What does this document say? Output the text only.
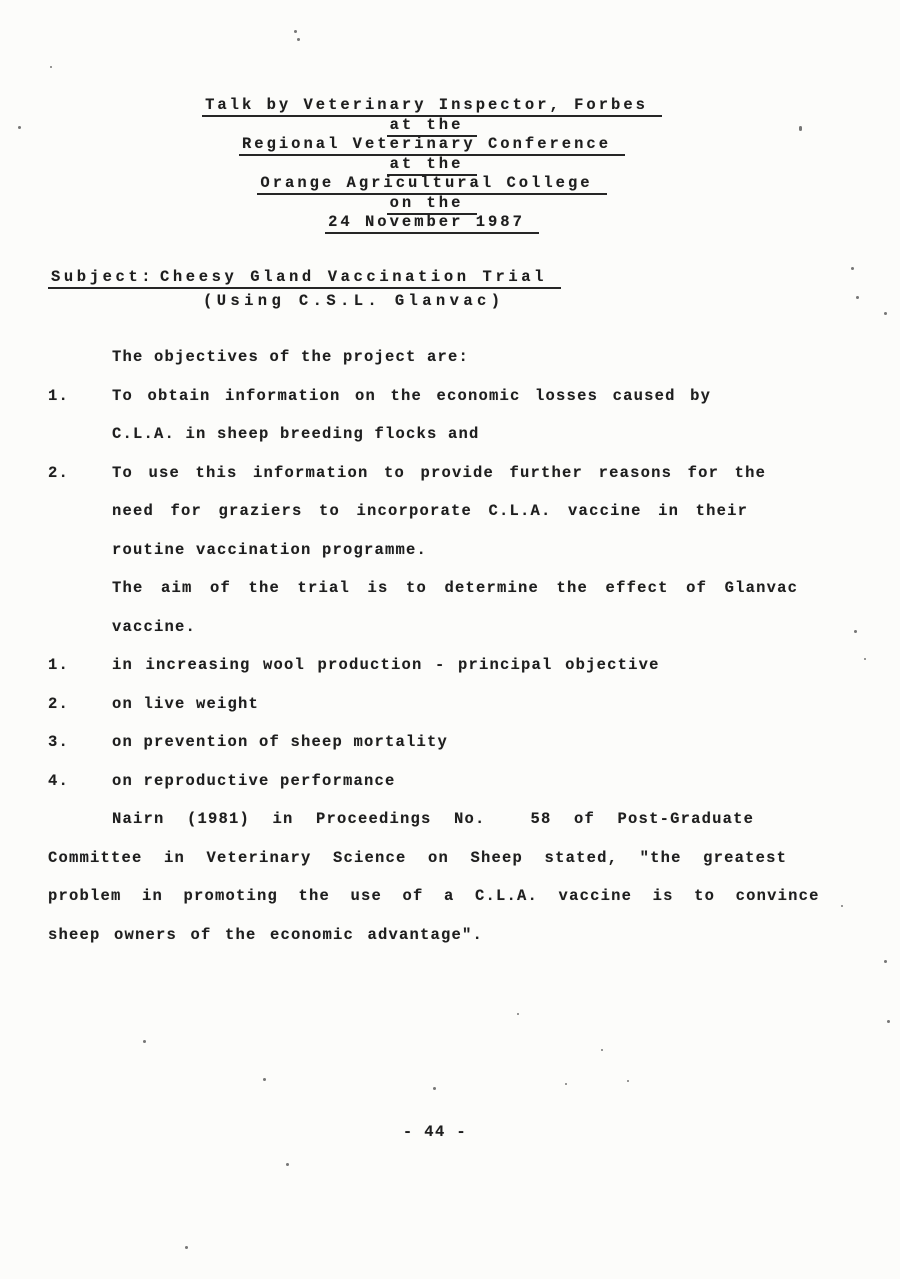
Talk by Veterinary Inspector, Forbes
at the
Regional Veterinary Conference
at the
Orange Agricultural College
on the
24 November 1987
Subject: Cheesy Gland Vaccination Trial
(Using C.S.L. Glanvac)
The objectives of the project are:
1.	To obtain information on the economic losses caused by
C.L.A. in sheep breeding flocks and
2.	To use this information to provide further reasons for the
need for graziers to incorporate C.L.A. vaccine in their
routine vaccination programme.
The aim of the trial is to determine the effect of Glanvac
vaccine.
1.	in increasing wool production - principal objective
2.	on live weight
3.	on prevention of sheep mortality
4.	on reproductive performance
Nairn (1981) in Proceedings No.  58 of Post-Graduate
Committee in Veterinary Science on Sheep stated, "the greatest
problem in promoting the use of a C.L.A. vaccine is to convince
sheep owners of the economic advantage".
- 44 -
